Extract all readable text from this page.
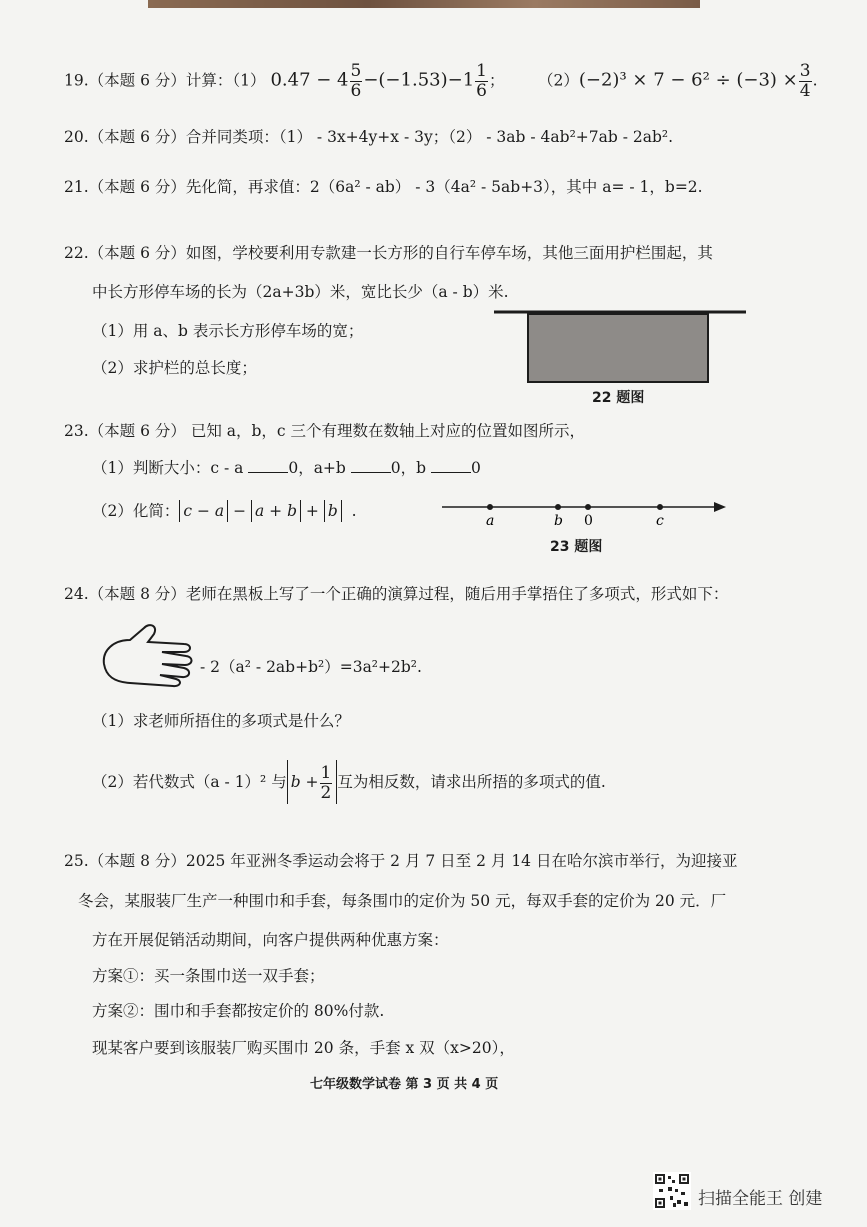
19.（本题 6 分）计算：（1） $0.47 - 4 \frac{5}{6} -(-1.53)-1 \frac{1}{6}$ ； $(2)(-2)^3 \times 7 - 6^2 \div (-3) \times \frac{3}{4}$ .
20.（本题 6 分）合并同类项：（1） - 3x+4y+x - 3y；（2） - 3ab - 4ab²+7ab - 2ab².
21.（本题 6 分）先化简，再求值：2（6a² - ab） - 3（4a² - 5ab+3），其中 a= - 1，b=2.
22.（本题 6 分）如图，学校要利用专款建一长方形的自行车停车场，其他三面用护栏围起，其
中长方形停车场的长为（2a+3b）米，宽比长少（a - b）米.
（1）用 a、b 表示长方形停车场的宽；
（2）求护栏的总长度；
22 题图
23.（本题 6 分） 已知 a，b，c 三个有理数在数轴上对应的位置如图所示，
（1）判断大小：c - a	0，a+b	0，b	0
（2）化简： c − a − a + b + b .
a	b 0	c
23 题图
24.（本题 8 分）老师在黑板上写了一个正确的演算过程，随后用手掌捂住了多项式，形式如下：
- 2（a² - 2ab+b²）=3a²+2b².
（1）求老师所捂住的多项式是什么？
（2）若代数式（a - 1）² 与 $b + \frac{1}{2}$ 互为相反数，请求出所捂的多项式的值.
25.（本题 8 分）2025 年亚洲冬季运动会将于 2 月 7 日至 2 月 14 日在哈尔滨市举行，为迎接亚
冬会，某服装厂生产一种围巾和手套，每条围巾的定价为 50 元，每双手套的定价为 20 元．厂
方在开展促销活动期间，向客户提供两种优惠方案：
方案①：买一条围巾送一双手套；
方案②：围巾和手套都按定价的 80%付款.
现某客户要到该服装厂购买围巾 20 条，手套 x 双（x>20），
七年级数学试卷 第 3 页 共 4 页
扫描全能王 创建
